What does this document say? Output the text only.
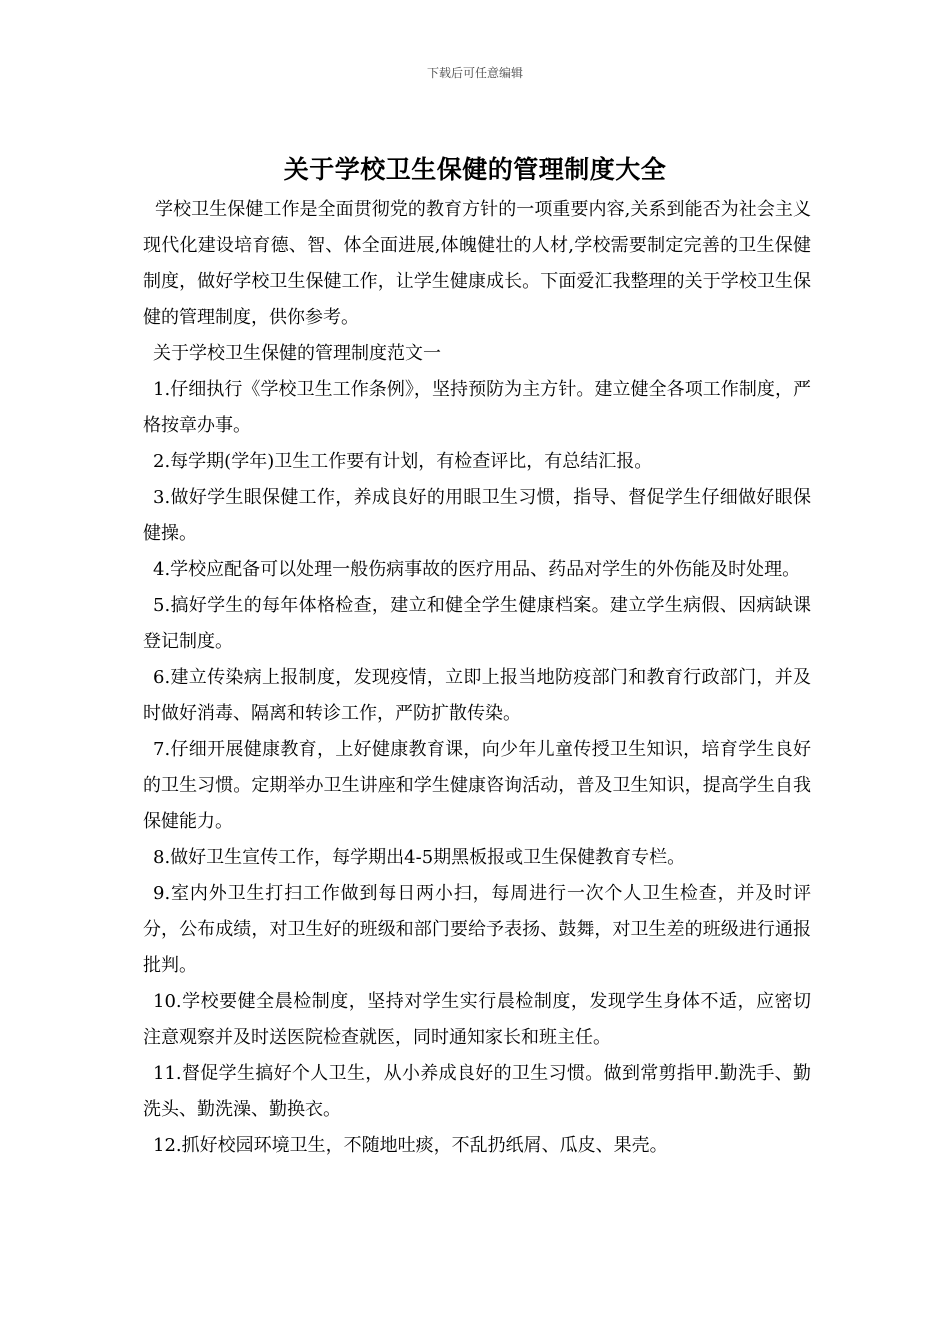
下载后可任意编辑
关于学校卫生保健的管理制度大全

学校卫生保健工作是全面贯彻党的教育方针的一项重要内容,关系到能否为社会主义现代化建设培育德、智、体全面进展,体魄健壮的人材,学校需要制定完善的卫生保健制度，做好学校卫生保健工作，让学生健康成长。下面爱汇我整理的关于学校卫生保健的管理制度，供你参考。

关于学校卫生保健的管理制度范文一

1.仔细执行《学校卫生工作条例》，坚持预防为主方针。建立健全各项工作制度，严格按章办事。

2.每学期(学年)卫生工作要有计划，有检查评比，有总结汇报。

3.做好学生眼保健工作，养成良好的用眼卫生习惯，指导、督促学生仔细做好眼保健操。

4.学校应配备可以处理一般伤病事故的医疗用品、药品对学生的外伤能及时处理。

5.搞好学生的每年体格检查，建立和健全学生健康档案。建立学生病假、因病缺课登记制度。

6.建立传染病上报制度，发现疫情，立即上报当地防疫部门和教育行政部门，并及时做好消毒、隔离和转诊工作，严防扩散传染。

7.仔细开展健康教育，上好健康教育课，向少年儿童传授卫生知识，培育学生良好的卫生习惯。定期举办卫生讲座和学生健康咨询活动，普及卫生知识，提高学生自我保健能力。

8.做好卫生宣传工作，每学期出4-5期黑板报或卫生保健教育专栏。

9.室内外卫生打扫工作做到每日两小扫，每周进行一次个人卫生检查，并及时评分，公布成绩，对卫生好的班级和部门要给予表扬、鼓舞，对卫生差的班级进行通报批判。

10.学校要健全晨检制度，坚持对学生实行晨检制度，发现学生身体不适，应密切注意观察并及时送医院检查就医，同时通知家长和班主任。

11.督促学生搞好个人卫生，从小养成良好的卫生习惯。做到常剪指甲.勤洗手、勤洗头、勤洗澡、勤换衣。

12.抓好校园环境卫生，不随地吐痰，不乱扔纸屑、瓜皮、果壳。
